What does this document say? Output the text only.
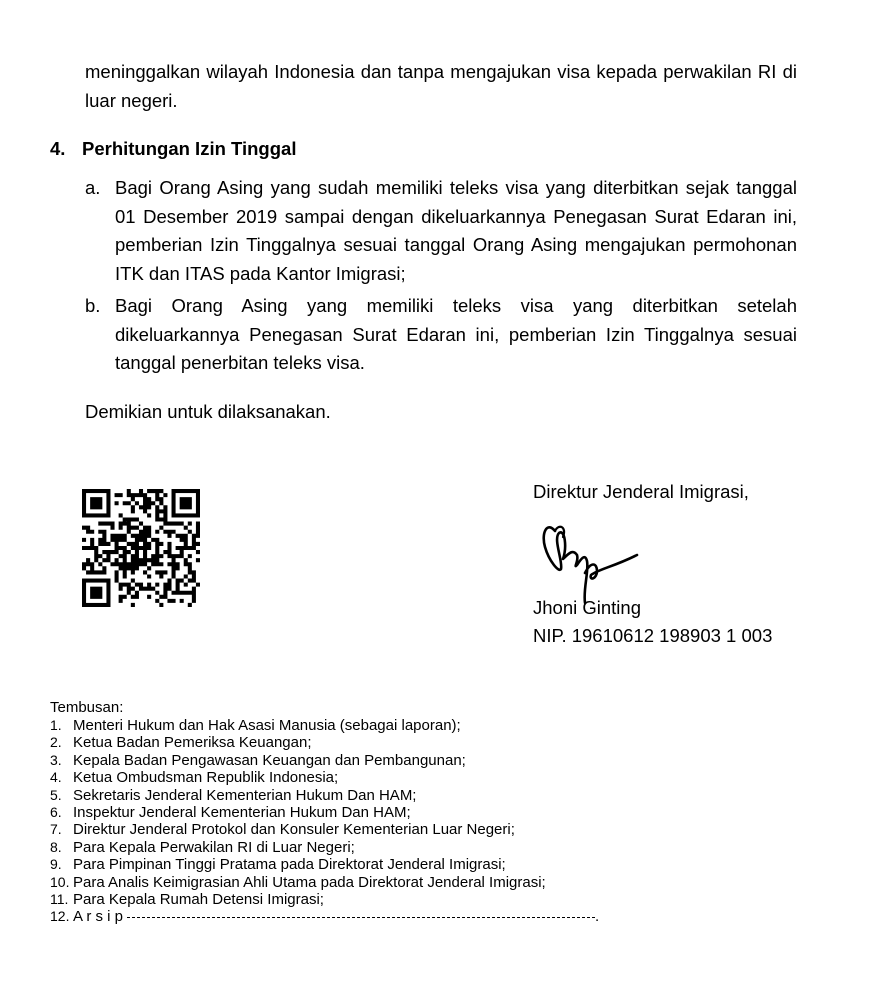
meninggalkan wilayah Indonesia dan tanpa mengajukan visa kepada perwakilan RI di luar negeri.
4. Perhitungan Izin Tinggal
a. Bagi Orang Asing yang sudah memiliki teleks visa yang diterbitkan sejak tanggal 01 Desember 2019 sampai dengan dikeluarkannya Penegasan Surat Edaran ini, pemberian Izin Tinggalnya sesuai tanggal Orang Asing mengajukan permohonan ITK dan ITAS pada Kantor Imigrasi;
b. Bagi Orang Asing yang memiliki teleks visa yang diterbitkan setelah dikeluarkannya Penegasan Surat Edaran ini, pemberian Izin Tinggalnya sesuai tanggal penerbitan teleks visa.
Demikian untuk dilaksanakan.
Direktur Jenderal Imigrasi,
Jhoni Ginting
NIP. 19610612 198903 1 003
Tembusan:
1. Menteri Hukum dan Hak Asasi Manusia (sebagai laporan);
2. Ketua Badan Pemeriksa Keuangan;
3. Kepala Badan Pengawasan Keuangan dan Pembangunan;
4. Ketua Ombudsman Republik Indonesia;
5. Sekretaris Jenderal Kementerian Hukum Dan HAM;
6. Inspektur Jenderal Kementerian Hukum Dan HAM;
7. Direktur Jenderal Protokol dan Konsuler Kementerian Luar Negeri;
8. Para Kepala Perwakilan RI di Luar Negeri;
9. Para Pimpinan Tinggi Pratama pada Direktorat Jenderal Imigrasi;
10. Para Analis Keimigrasian Ahli Utama pada Direktorat Jenderal Imigrasi;
11. Para Kepala Rumah Detensi Imigrasi;
12. A r s i p	.
